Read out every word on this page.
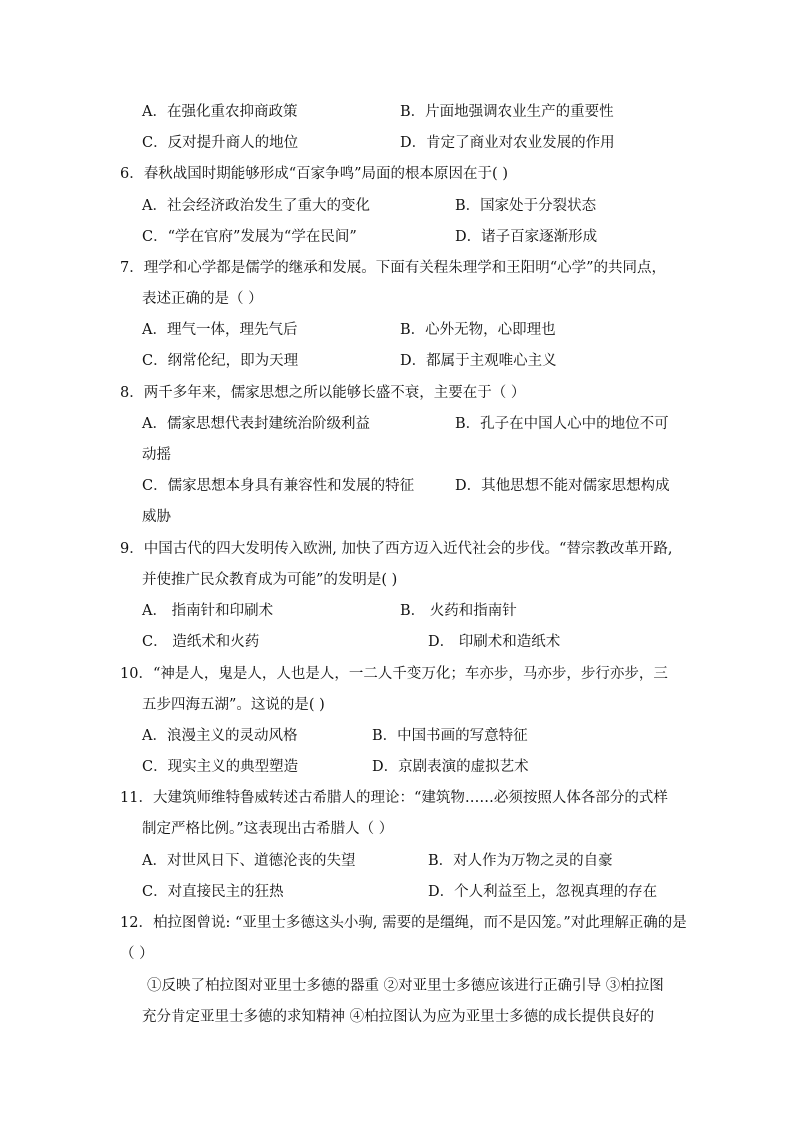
A．在强化重农抑商政策	B．片面地强调农业生产的重要性
C．反对提升商人的地位	D．肯定了商业对农业发展的作用
6．春秋战国时期能够形成“百家争鸣”局面的根本原因在于( )
A．社会经济政治发生了重大的变化	B．国家处于分裂状态
C．“学在官府”发展为“学在民间”	D．诸子百家逐渐形成
7．理学和心学都是儒学的继承和发展。下面有关程朱理学和王阳明“心学”的共同点，
表述正确的是（ ）
A．理气一体，理先气后	B．心外无物，心即理也
C．纲常伦纪，即为天理	D．都属于主观唯心主义
8．两千多年来，儒家思想之所以能够长盛不衰，主要在于（ ）
A．儒家思想代表封建统治阶级利益	B．孔子在中国人心中的地位不可
动摇
C．儒家思想本身具有兼容性和发展的特征	D．其他思想不能对儒家思想构成
威胁
9．中国古代的四大发明传入欧洲, 加快了西方迈入近代社会的步伐。“替宗教改革开路,
并使推广民众教育成为可能”的发明是( )
A． 指南针和印刷术	B． 火药和指南针
C． 造纸术和火药	D． 印刷术和造纸术
10．“神是人，鬼是人，人也是人，一二人千变万化；车亦步，马亦步，步行亦步，三
五步四海五湖”。这说的是( )
A．浪漫主义的灵动风格	B．中国书画的写意特征
C．现实主义的典型塑造	D．京剧表演的虚拟艺术
11．大建筑师维特鲁威转述古希腊人的理论：“建筑物……必须按照人体各部分的式样
制定严格比例。”这表现出古希腊人（ ）
A．对世风日下、道德沦丧的失望	B．对人作为万物之灵的自豪
C．对直接民主的狂热	D．个人利益至上，忽视真理的存在
12．柏拉图曾说: “亚里士多德这头小驹, 需要的是缰绳，而不是囚笼。”对此理解正确的是
（ ）
①反映了柏拉图对亚里士多德的器重 ②对亚里士多德应该进行正确引导 ③柏拉图
充分肯定亚里士多德的求知精神 ④柏拉图认为应为亚里士多德的成长提供良好的
